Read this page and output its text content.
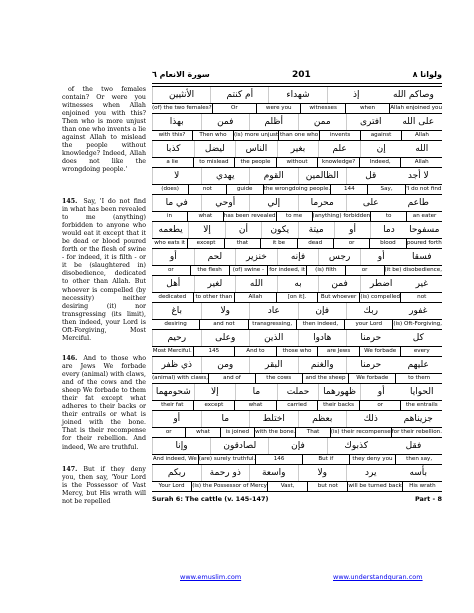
سورة الانعام ٦	201	ولوانا ٨

of the two females contain? Or were you witnesses when Allah enjoined you with this? Then who is more unjust than one who invents a lie against Allah to mislead the people without knowledge? Indeed, Allah does not like the wrongdoing people.'

145. Say, 'I do not find in what has been revealed to me (anything) forbidden to anyone who would eat it except that it be dead or blood poured forth or the flesh of swine - for indeed, it is filth - or it be (slaughtered in) disobedience, dedicated to other than Allah. But whoever is compelled (by necessity) neither desiring (it) nor transgressing (its limit), then indeed, your Lord is Oft-Forgiving, Most Merciful.

146. And to those who are Jews We forbade every (animal) with claws, and of the cows and the sheep We forbade to them their fat except what adheres to their backs or their entrails or what is joined with the bone. That is their recompense for their rebellion. And indeed, We are truthful.

147. But if they deny you, then say, 'Your Lord is the Possessor of Vast Mercy, but His wrath will not be repelled

الأنثيين	أم كنتم	شهداء	إذ	وصاكم الله
(of) the two females?	Or	were you	witnesses	when	Allah enjoined you
بهذا	فمن	أظلم	ممن	افترى	على الله
with this?	Then who	(is) more unjust than one who	invents	against	Allah
كذبا	ليضل	الناس	بغير	علم	إن	الله
a lie	to mislead	the people	without	knowledge?	Indeed,	Allah
لا	يهدي	القوم	الظالمين	قل	لا أجد
(does)	not	guide	the wrongdoing people.	144	Say,	'I do not find
في ما	أوحي	إلي	محرما	على	طاعم
in	what	has been revealed	to me	(anything) forbidden	to	an eater
يطعمه	إلا	أن	يكون	ميتة	أو	دما	مسفوحا
who eats it	except	that	it be	dead	or	blood	poured forth
أو	لحم	خنزير	فإنه	رجس	أو	فسقا
or	the flesh	(of) swine - for indeed, it	(is) filth	or	(it be) disobedience,
أهل	لغير	الله	به	فمن	اضطر	غير
dedicated	to other than	Allah	[on it].	But whoever (is) compelled	not
باغ	ولا	عاد	فإن	ربك	غفور
desiring	and not	transgressing,	then indeed,	your Lord	(is) Oft-Forgiving,
رحيم	وعلى	الذين	هادوا	حرمنا	كل
Most Merciful.	145	And to	those who	are Jews	We forbade	every
ذي ظفر	ومن	البقر	والغنم	حرمنا	عليهم
(animal) with claws,	and of	the cows	and the sheep	We forbade	to them
شحومهما	إلا	ما	حملت	ظهورهما	أو	الحوايا
their fat	except	what	carried	their backs	or	the entrails
أو	ما	اختلط	بعظم	ذلك	جزيناهم
or	what	is joined	with the bone.	That	(is) their recompense for their rebellion.
وإنا	لصادقون	فإن	كذبوك	فقل
And indeed, We (are) surely truthful.	146	But if	they deny you	then say,
ربكم	ذو رحمة	واسعة	ولا	يرد	بأسه
Your Lord	(is) the Possessor of Mercy	Vast,	but not	will be turned back	His wrath
Surah 6: The cattle (v. 145-147)	Part - 8
www.emuslim.com	www.understandquran.com
